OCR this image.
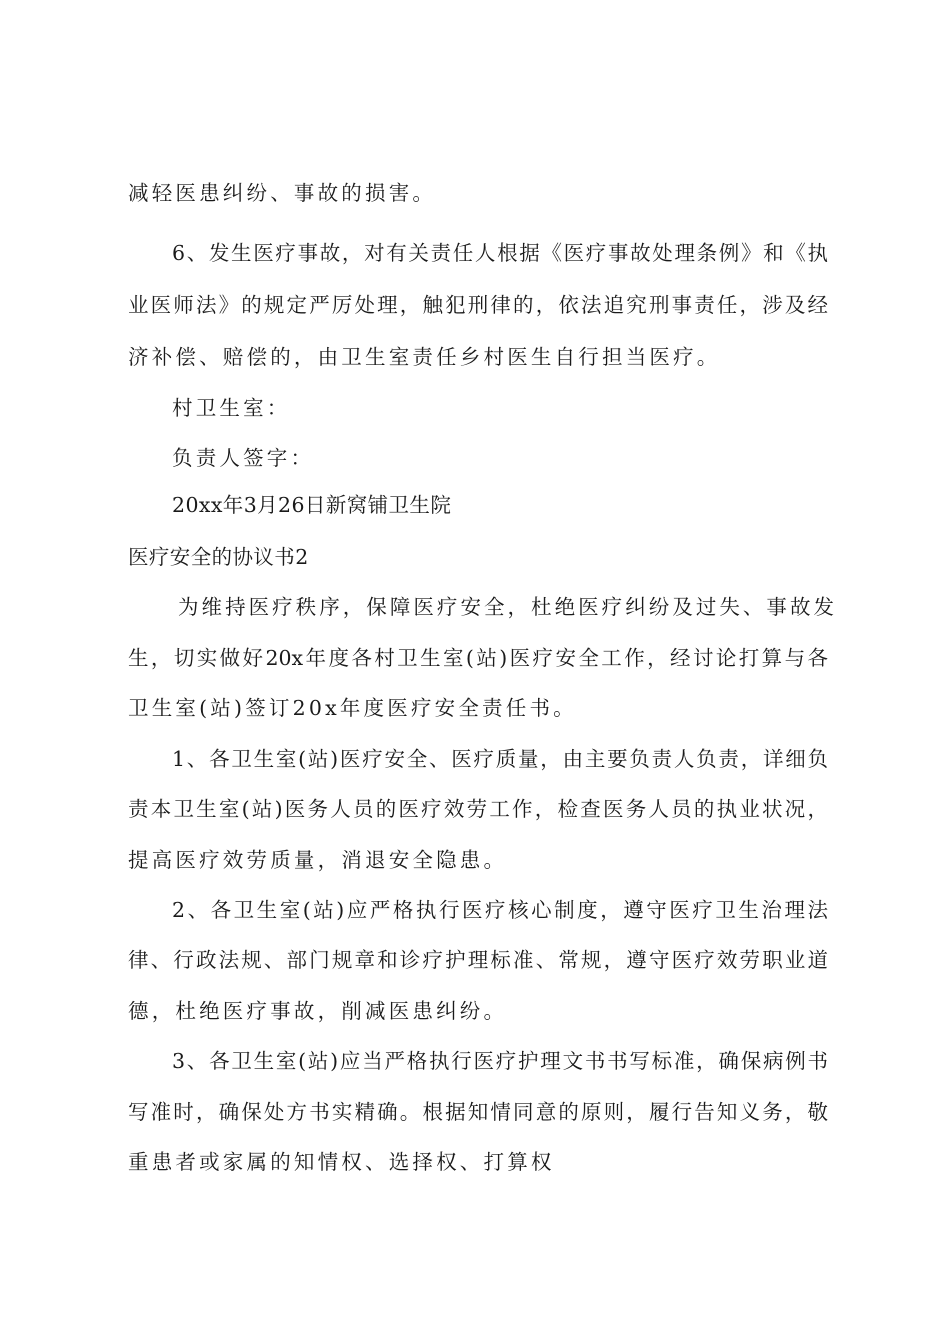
减轻医患纠纷、事故的损害。
6、发生医疗事故，对有关责任人根据《医疗事故处理条例》和《执
业医师法》的规定严厉处理，触犯刑律的，依法追究刑事责任，涉及经
济补偿、赔偿的，由卫生室责任乡村医生自行担当医疗。
村卫生室：
负责人签字：
20xx年3月26日新窝铺卫生院
医疗安全的协议书2
为维持医疗秩序，保障医疗安全，杜绝医疗纠纷及过失、事故发
生，切实做好20x年度各村卫生室(站)医疗安全工作，经讨论打算与各
卫生室(站)签订20x年度医疗安全责任书。
1、各卫生室(站)医疗安全、医疗质量，由主要负责人负责，详细负
责本卫生室(站)医务人员的医疗效劳工作，检查医务人员的执业状况，
提高医疗效劳质量，消退安全隐患。
2、各卫生室(站)应严格执行医疗核心制度，遵守医疗卫生治理法
律、行政法规、部门规章和诊疗护理标准、常规，遵守医疗效劳职业道
德，杜绝医疗事故，削减医患纠纷。
3、各卫生室(站)应当严格执行医疗护理文书书写标准，确保病例书
写准时，确保处方书实精确。根据知情同意的原则，履行告知义务，敬
重患者或家属的知情权、选择权、打算权
